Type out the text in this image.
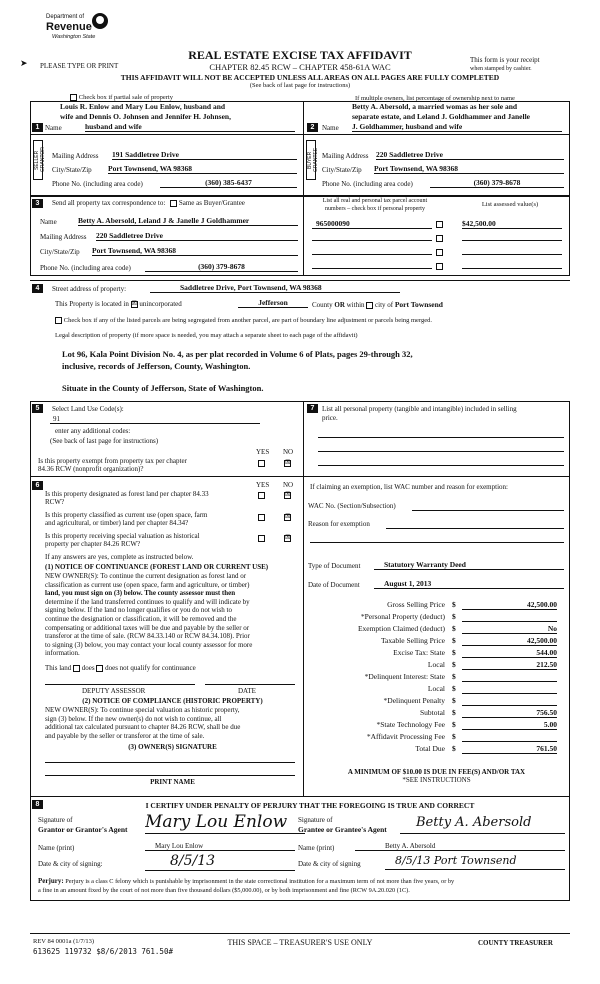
Department of
Revenue
Washington State
➤ PLEASE TYPE OR PRINT
REAL ESTATE EXCISE TAX AFFIDAVIT
CHAPTER 82.45 RCW – CHAPTER 458-61A WAC
This form is your receipt
when stamped by cashier.
THIS AFFIDAVIT WILL NOT BE ACCEPTED UNLESS ALL AREAS ON ALL PAGES ARE FULLY COMPLETED
(See back of last page for instructions)
Check box if partial sale of property	If multiple owners, list percentage of ownership next to name
Louis R. Enlow and Mary Lou Enlow, husband and
wife and Dennis O. Johnsen and Jennifer H. Johnsen,
1 Name	husband and wife
SELLER GRANTOR Mailing Address 191 Saddletree Drive
City/State/Zip Port Townsend, WA 98368
Phone No. (including area code)	(360) 385-6437
Betty A. Abersold, a married womas as her sole and
separate estate, and Leland J. Goldhammer and Janelle
2	Name J. Goldhammer, husband and wife
BUYER GRANTEE Mailing Address 220 Saddletree Drive
City/State/Zip Port Townsend, WA 98368
Phone No. (including area code)	(360) 379-8678
3	Send all property tax correspondence to: Same as Buyer/Grantee
Name	Betty A. Abersold, Leland J & Janelle J Goldhammer
Mailing Address 220 Saddletree Drive
City/State/Zip Port Townsend, WA 98368
Phone No. (including area code)	(360) 379-8678
List all real and personal tax parcel account
numbers – check box if personal property
List assessed value(s)
965000090	$42,500.00
4	Street address of property:	Saddletree Drive, Port Townsend, WA 98368
This Property is located in ☒ unincorporated	Jefferson	County OR within city of Port Townsend
Check box if any of the listed parcels are being segregated from another parcel, are part of boundary line adjustment or parcels being merged.
Legal description of property (if more space is needed, you may attach a separate sheet to each page of the affidavit)
Lot 96, Kala Point Division No. 4, as per plat recorded in Volume 6 of Plats, pages 29-through 32,
inclusive, records of Jefferson, County, Washington.
Situate in the County of Jefferson, State of Washington.
5	Select Land Use Code(s):
91
enter any additional codes:
(See back of last page for instructions)
YES NO
Is this property exempt from property tax per chapter
84.36 RCW (nonprofit organization)?
☒
7	List all personal property (tangible and intangible) included in selling
price.
6	YES NO
Is this property designated as forest land per chapter 84.33
RCW?
☒
Is this property classified as current use (open space, farm
and agricultural, or timber) land per chapter 84.34?
☒
Is this property receiving special valuation as historical
property per chapter 84.26 RCW?
☒
If any answers are yes, complete as instructed below.
(1) NOTICE OF CONTINUANCE (FOREST LAND OR CURRENT USE)
NEW OWNER(S): To continue the current designation as forest land or
classification as current use (open space, farm and agriculture, or timber)
land, you must sign on (3) below. The county assessor must then
determine if the land transferred continues to qualify and will indicate by
signing below. If the land no longer qualifies or you do not wish to
continue the designation or classification, it will be removed and the
compensating or additional taxes will be due and payable by the seller or
transferor at the time of sale. (RCW 84.33.140 or RCW 84.34.108). Prior
to signing (3) below, you may contact your local county assessor for more
information.
This land does does not qualify for continuance
DEPUTY ASSESSOR	DATE
(2) NOTICE OF COMPLIANCE (HISTORIC PROPERTY)
NEW OWNER(S): To continue special valuation as historic property,
sign (3) below. If the new owner(s) do not wish to continue, all
additional tax calculated pursuant to chapter 84.26 RCW, shall be due
and payable by the seller or transferor at the time of sale.
(3) OWNER(S) SIGNATURE
PRINT NAME
If claiming an exemption, list WAC number and reason for exemption:
WAC No. (Section/Subsection)
Reason for exemption
Type of Document	Statutory Warranty Deed
Date of Document	August 1, 2013
Gross Selling Price $	42,500.00
*Personal Property (deduct) $
Exemption Claimed (deduct) $	No
Taxable Selling Price $	42,500.00
Excise Tax: State $	544.00
Local $	212.50
*Delinquent Interest: State $
Local $
*Delinquent Penalty $
Subtotal $	756.50
*State Technology Fee $	5.00
*Affidavit Processing Fee $
Total Due $	761.50
A MINIMUM OF $10.00 IS DUE IN FEE(S) AND/OR TAX
*SEE INSTRUCTIONS
8	I CERTIFY UNDER PENALTY OF PERJURY THAT THE FOREGOING IS TRUE AND CORRECT
Signature of
Grantor or Grantor's Agent Mary Lou Enlow
Name (print)	Mary Lou Enlow
Date & city of signing:	8/5/13
Signature of
Grantee or Grantee's Agent	Betty A. Abersold
Name (print)	Betty A. Abersold
Date & city of signing	8/5/13 Port Townsend
Perjury: Perjury is a class C felony which is punishable by imprisonment in the state correctional institution for a maximum term of not more than five years, or by
a fine in an amount fixed by the court of not more than five thousand dollars ($5,000.00), or by both imprisonment and fine (RCW 9A.20.020 (1C).
REV 84 0001a (1/7/13)
613625 119732 $8/6/2013 761.50#
THIS SPACE – TREASURER'S USE ONLY	COUNTY TREASURER
